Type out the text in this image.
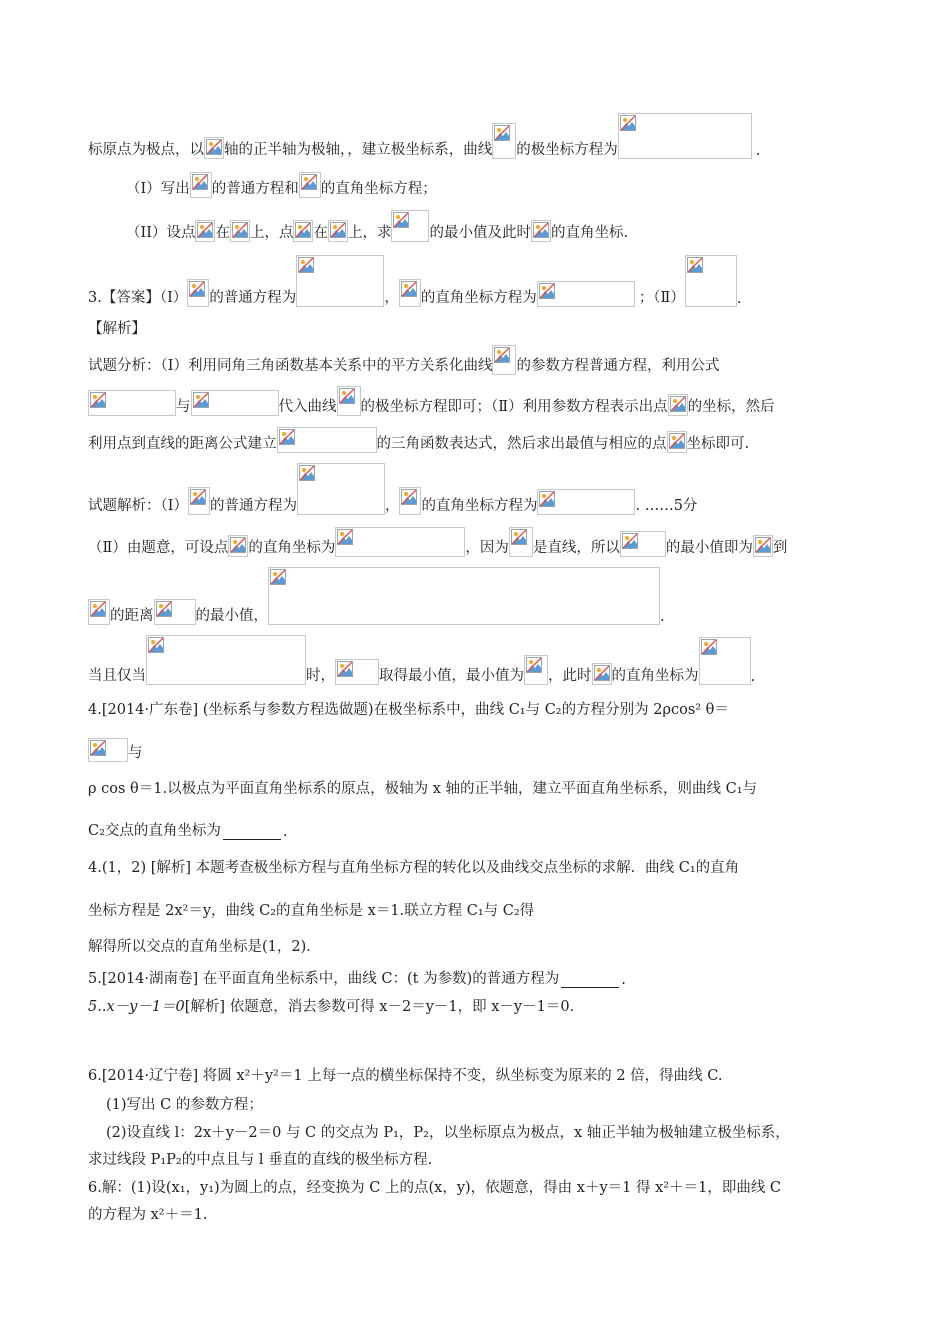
标原点为极点，以 轴的正半轴为极轴，，建立极坐标系，曲线 的极坐标方程为	.
（I）写出 的普通方程和 的直角坐标方程；
（II）设点 在 上，点 在 上，求	的最小值及此时 的直角坐标.
3.【答案】（Ⅰ） 的普通方程为	， 的直角坐标方程为	；（Ⅱ）	.
【解析】
试题分析：（Ⅰ）利用同角三角函数基本关系中的平方关系化曲线 的参数方程普通方程，利用公式
与	代入曲线 的极坐标方程即可；（Ⅱ）利用参数方程表示出点 的坐标，然后
利用点到直线的距离公式建立	的三角函数表达式，然后求出最值与相应的点 坐标即可.
试题解析：（Ⅰ） 的普通方程为	， 的直角坐标方程为	. ……5分
（Ⅱ）由题意，可设点 的直角坐标为	，因为 是直线，所以	的最小值即为 到
的距离	的最小值，	.
当且仅当	时，	取得最小值，最小值为 ，此时 的直角坐标为	.
4.[2014·广东卷] (坐标系与参数方程选做题)在极坐标系中，曲线 C₁与 C₂的方程分别为 2ρcos² θ＝
与
ρ cos θ＝1.以极点为平面直角坐标系的原点，极轴为 x 轴的正半轴，建立平面直角坐标系，则曲线 C₁与
C₂交点的直角坐标为	.
4.(1，2) [解析] 本题考查极坐标方程与直角坐标方程的转化以及曲线交点坐标的求解．曲线 C₁的直角
坐标方程是 2x²＝y，曲线 C₂的直角坐标是 x＝1.联立方程 C₁与 C₂得
解得所以交点的直角坐标是(1，2)．
5.[2014·湖南卷] 在平面直角坐标系中，曲线 C：(t 为参数)的普通方程为	.
5..x－y－1＝0 [解析] 依题意，消去参数可得 x－2＝y－1，即 x－y－1＝0.
6.[2014·辽宁卷] 将圆 x²＋y²＝1 上每一点的横坐标保持不变，纵坐标变为原来的 2 倍，得曲线 C.
(1)写出 C 的参数方程；
(2)设直线 l：2x＋y－2＝0 与 C 的交点为 P₁，P₂，以坐标原点为极点，x 轴正半轴为极轴建立极坐标系，
求过线段 P₁P₂的中点且与 l 垂直的直线的极坐标方程.
6.解：(1)设(x₁，y₁)为圆上的点，经变换为 C 上的点(x，y)，依题意，得由 x＋y＝1 得 x²＋＝1，即曲线 C
的方程为 x²＋＝1.
